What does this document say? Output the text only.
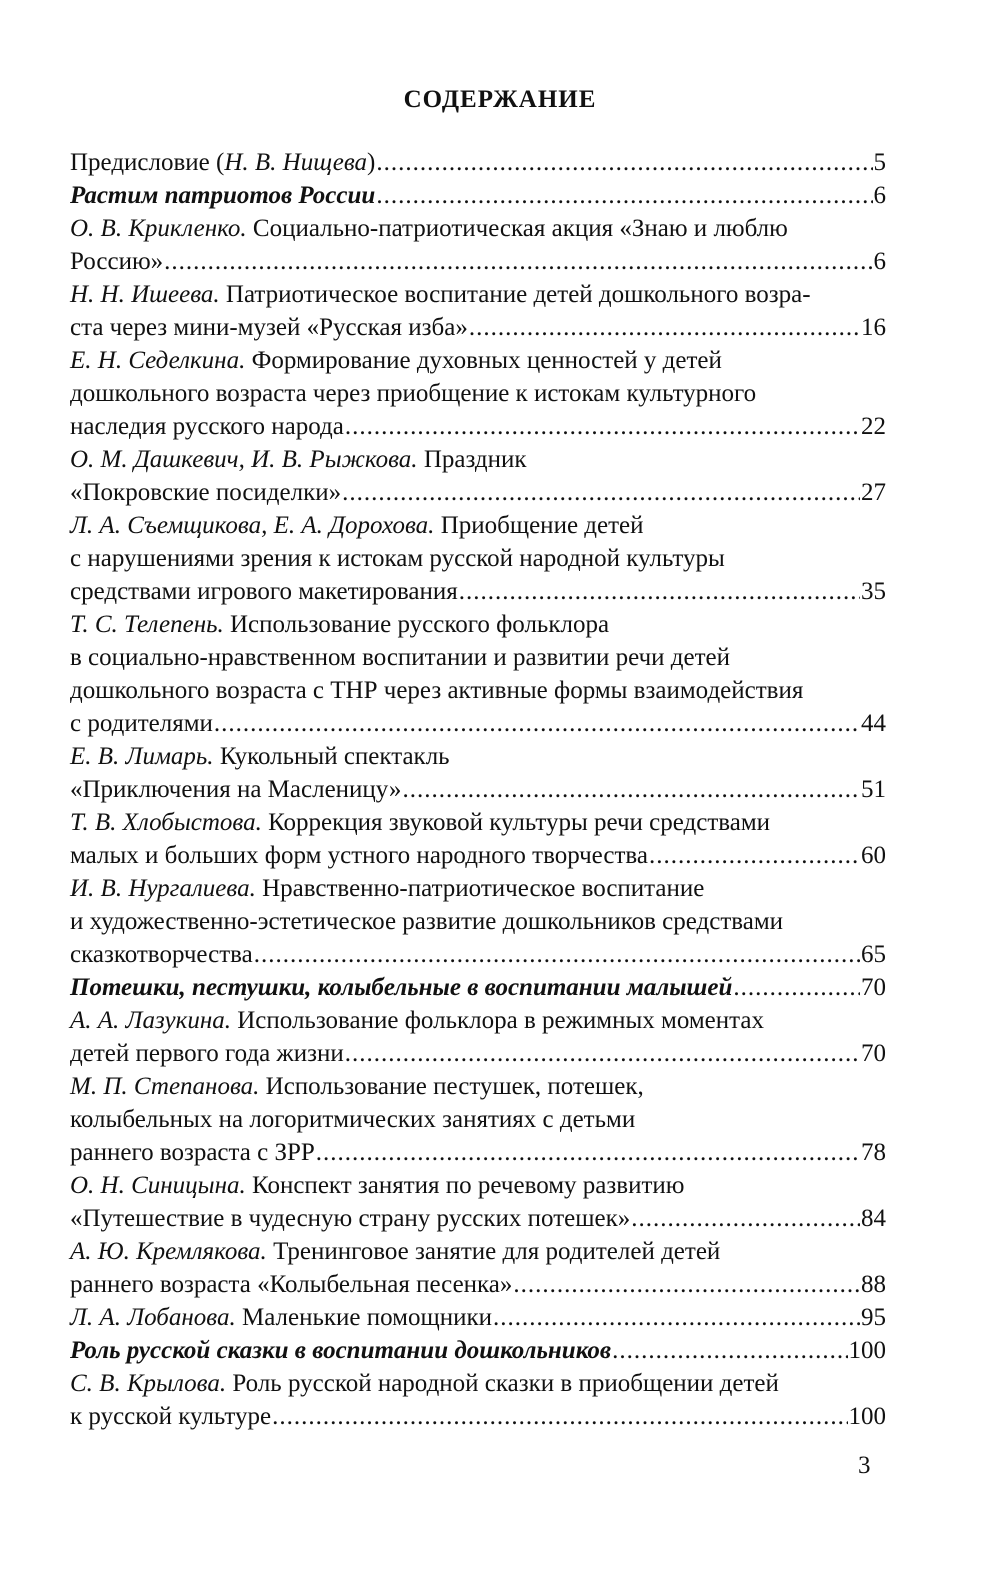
СОДЕРЖАНИЕ
Предисловие (Н. В. Нищева) .....	5
Растим патриотов России .....	6
О. В. Крикленко. Социально-патриотическая акция «Знаю и люблю
Россию» .....	6
Н. Н. Ишеева. Патриотическое воспитание детей дошкольного возра-
ста через мини-музей «Русская изба» .....	16
Е. Н. Седелкина. Формирование духовных ценностей у детей
дошкольного возраста через приобщение к истокам культурного
наследия русского народа .....	22
О. М. Дашкевич, И. В. Рыжкова. Праздник
«Покровские посиделки» .....	27
Л. А. Съемщикова, Е. А. Дорохова. Приобщение детей
с нарушениями зрения к истокам русской народной культуры
средствами игрового макетирования .....	35
Т. С. Телепень. Использование русского фольклора
в социально-нравственном воспитании и развитии речи детей
дошкольного возраста с ТНР через активные формы взаимодействия
с родителями .....	44
Е. В. Лимарь. Кукольный спектакль
«Приключения на Масленицу» .....	51
Т. В. Хлобыстова. Коррекция звуковой культуры речи средствами
малых и больших форм устного народного творчества .....	60
И. В. Нургалиева. Нравственно-патриотическое воспитание
и художественно-эстетическое развитие дошкольников средствами
сказкотворчества .....	65
Потешки, пестушки, колыбельные в воспитании малышей .....	70
А. А. Лазукина. Использование фольклора в режимных моментах
детей первого года жизни .....	70
М. П. Степанова. Использование пестушек, потешек,
колыбельных на логоритмических занятиях с детьми
раннего возраста с ЗРР .....	78
О. Н. Синицына. Конспект занятия по речевому развитию
«Путешествие в чудесную страну русских потешек» .....	84
А. Ю. Кремлякова. Тренинговое занятие для родителей детей
раннего возраста «Колыбельная песенка» .....	88
Л. А. Лобанова. Маленькие помощники .....	95
Роль русской сказки в воспитании дошкольников .....	100
С. В. Крылова. Роль русской народной сказки в приобщении детей
к русской культуре .....	100
3
